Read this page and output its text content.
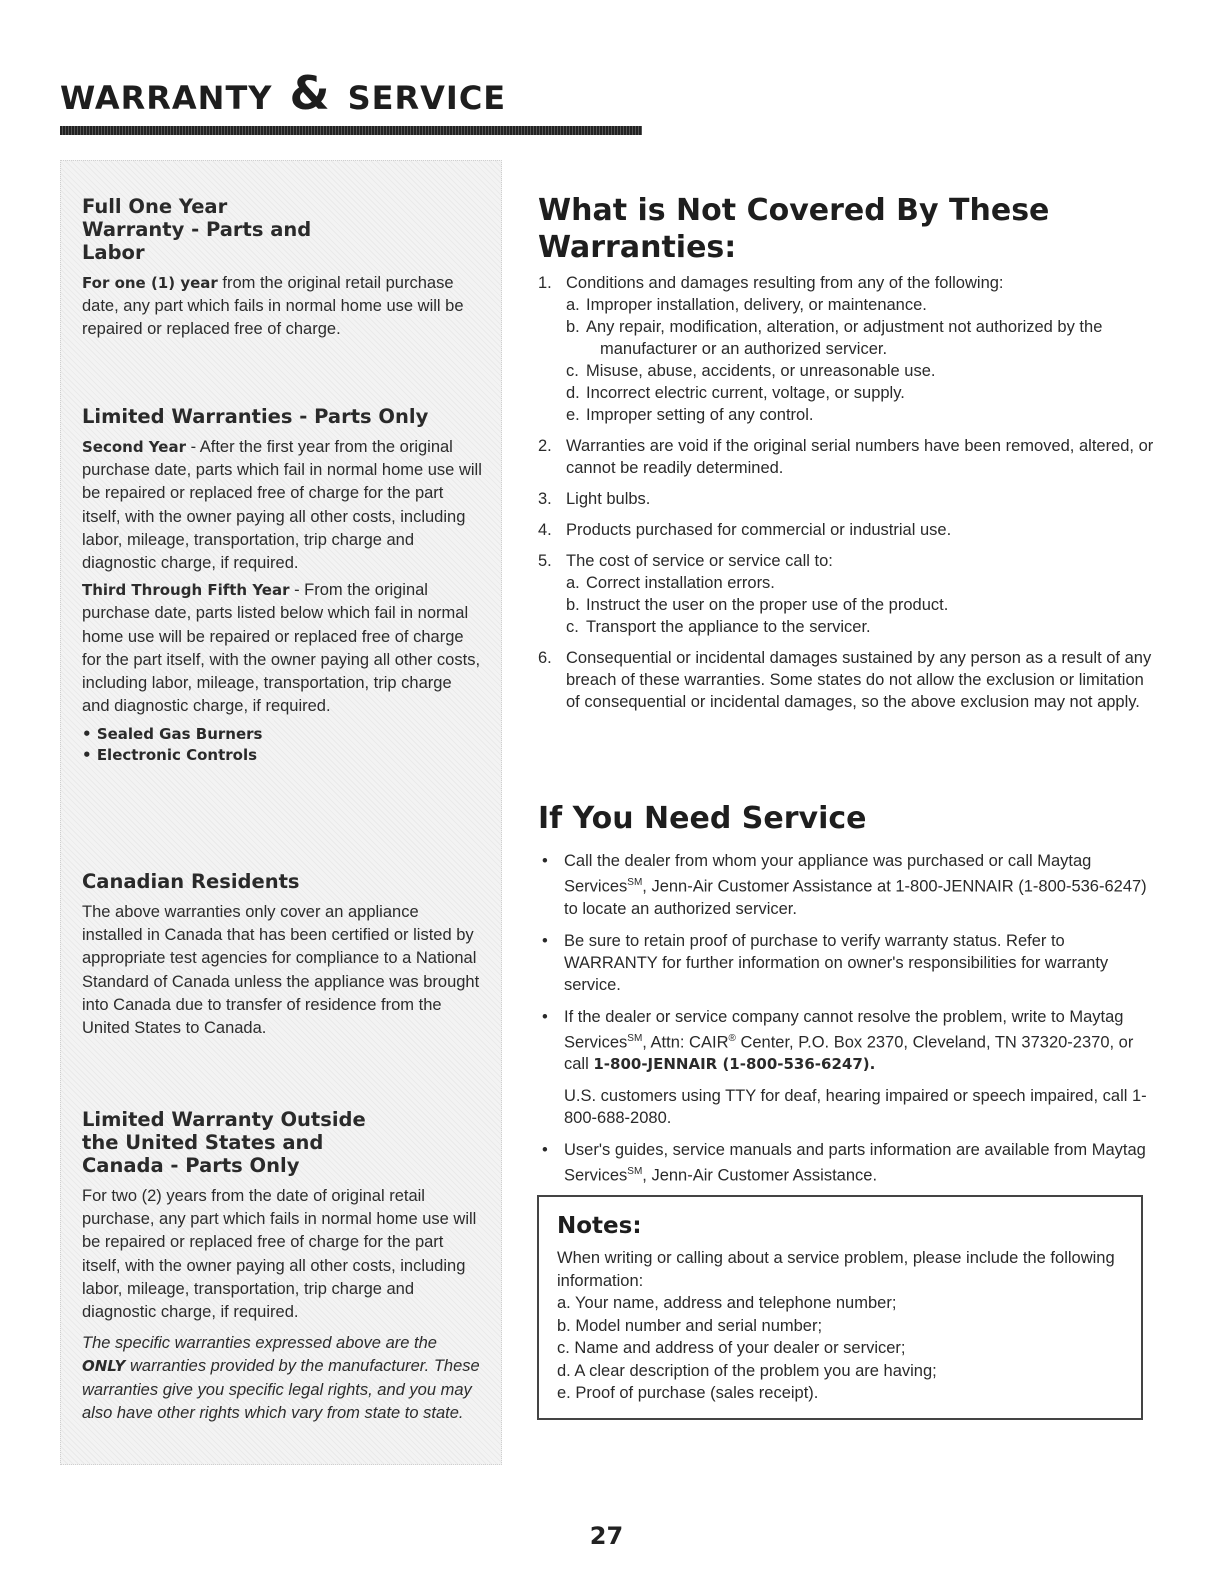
warranty & service
Full One Year Warranty - Parts and Labor

For one (1) year from the original retail purchase date, any part which fails in normal home use will be repaired or replaced free of charge.

Limited Warranties - Parts Only

Second Year - After the first year from the original purchase date, parts which fail in normal home use will be repaired or replaced free of charge for the part itself, with the owner paying all other costs, including labor, mileage, transportation, trip charge and diagnostic charge, if required.

Third Through Fifth Year - From the original purchase date, parts listed below which fail in normal home use will be repaired or replaced free of charge for the part itself, with the owner paying all other costs, including labor, mileage, transportation, trip charge and diagnostic charge, if required.

• Sealed Gas Burners
• Electronic Controls
Canadian Residents

The above warranties only cover an appliance installed in Canada that has been certified or listed by appropriate test agencies for compliance to a National Standard of Canada unless the appliance was brought into Canada due to transfer of residence from the United States to Canada.

Limited Warranty Outside the United States and Canada - Parts Only

For two (2) years from the date of original retail purchase, any part which fails in normal home use will be repaired or replaced free of charge for the part itself, with the owner paying all other costs, including labor, mileage, transportation, trip charge and diagnostic charge, if required.

The specific warranties expressed above are the ONLY warranties provided by the manufacturer. These warranties give you specific legal rights, and you may also have other rights which vary from state to state.

What is Not Covered By These Warranties:
1. Conditions and damages resulting from any of the following:
a. Improper installation, delivery, or maintenance.
b. Any repair, modification, alteration, or adjustment not authorized by the manufacturer or an authorized servicer.
c. Misuse, abuse, accidents, or unreasonable use.
d. Incorrect electric current, voltage, or supply.
e. Improper setting of any control.
2. Warranties are void if the original serial numbers have been removed, altered, or cannot be readily determined.
3. Light bulbs.
4. Products purchased for commercial or industrial use.
5. The cost of service or service call to:
a. Correct installation errors.
b. Instruct the user on the proper use of the product.
c. Transport the appliance to the servicer.
6. Consequential or incidental damages sustained by any person as a result of any breach of these warranties. Some states do not allow the exclusion or limitation of consequential or incidental damages, so the above exclusion may not apply.
If You Need Service
• Call the dealer from whom your appliance was purchased or call Maytag Services℠, Jenn-Air Customer Assistance at 1-800-JENNAIR (1-800-536-6247) to locate an authorized servicer.
• Be sure to retain proof of purchase to verify warranty status. Refer to WARRANTY for further information on owner's responsibilities for warranty service.
• If the dealer or service company cannot resolve the problem, write to Maytag Services℠, Attn: CAIR® Center, P.O. Box 2370, Cleveland, TN 37320-2370, or call 1-800-JENNAIR (1-800-536-6247).
U.S. customers using TTY for deaf, hearing impaired or speech impaired, call 1-800-688-2080.
• User's guides, service manuals and parts information are available from Maytag Services℠, Jenn-Air Customer Assistance.
Notes:

When writing or calling about a service problem, please include the following information:

a. Your name, address and telephone number;
b. Model number and serial number;
c. Name and address of your dealer or servicer;
d. A clear description of the problem you are having;
e. Proof of purchase (sales receipt).
27
